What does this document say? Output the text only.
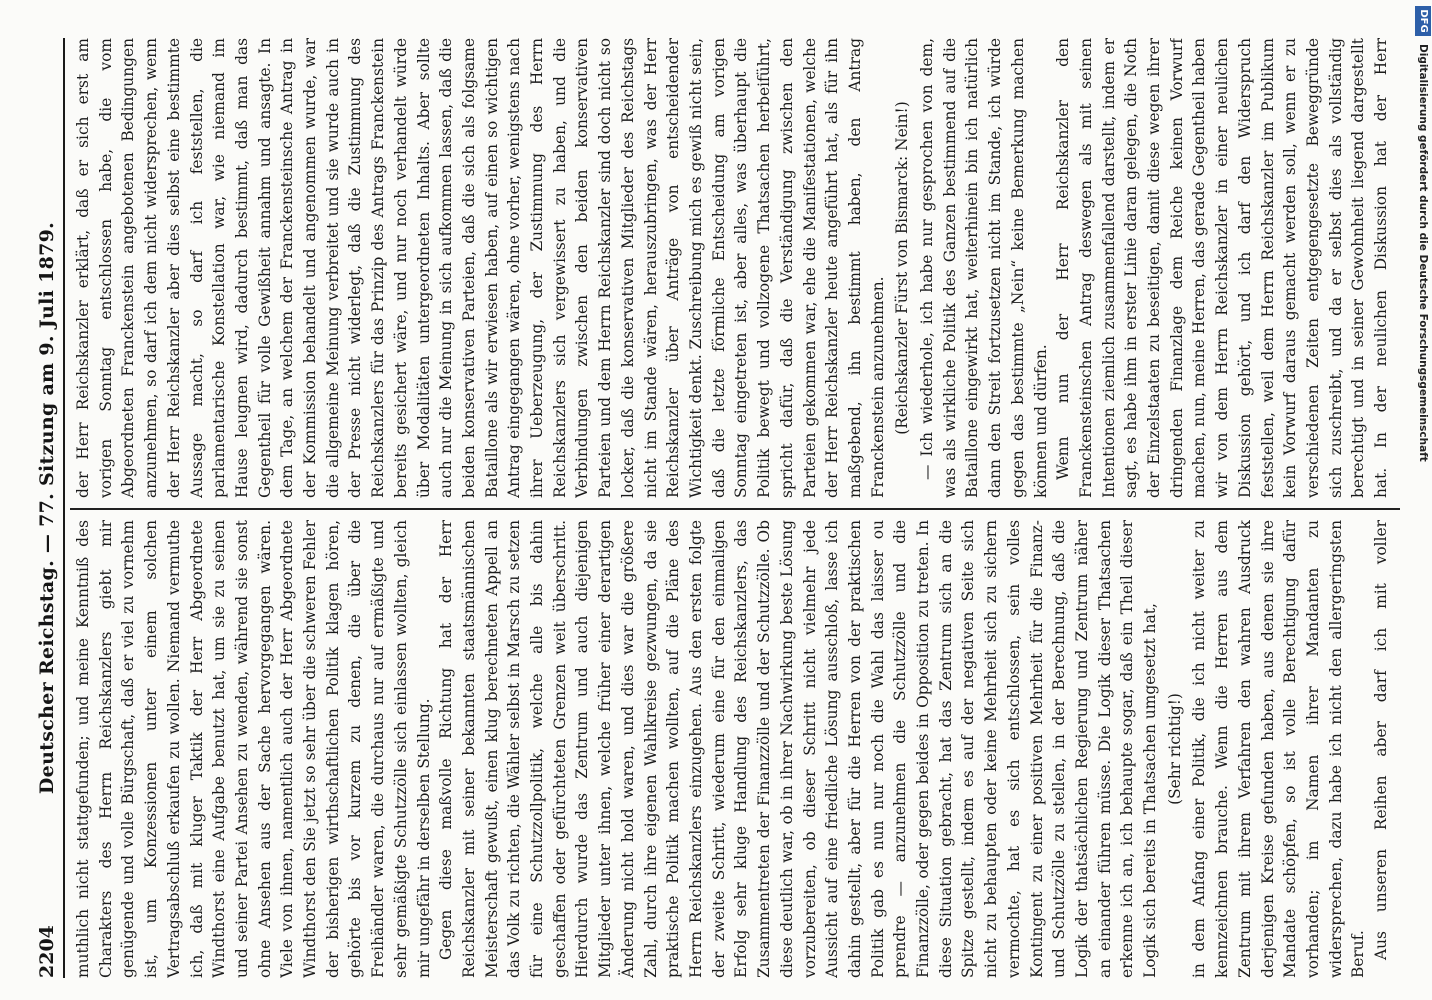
2204
Deutscher Reichstag. — 77. Sitzung am 9. Juli 1879. muthlich nicht stattgefunden; und meine Kenntniß des Charakters des Herrn Reichskanzlers giebt mir genügende und volle Bürgschaft, daß er viel zu vornehm ist, um Konzessionen unter einem solchen Vertragsabschluß erkaufen zu wollen. Niemand vermuthe ich, daß mit kluger Taktik der Herr Abgeordnete Windthorst eine Aufgabe benutzt hat, um sie zu seinen und seiner Partei Ansehen zu wenden, während sie sonst ohne Ansehen aus der Sache hervorgegangen wären. Viele von ihnen, namentlich auch der Herr Abgeordnete Windthorst den Sie jetzt so sehr über die schweren Fehler der bisherigen wirthschaftlichen Politik klagen hören, gehörte bis vor kurzem zu denen, die über die Freihändler waren, die durchaus nur auf ermäßigte und sehr gemäßigte Schutzzölle sich einlassen wollten, gleich mir ungefähr in derselben Stellung. Gegen diese maßvolle Richtung hat der Herr Reichskanzler mit seiner bekannten staatsmännischen Meisterschaft gewußt, einen klug berechneten Appell an das Volk zu richten, die Wähler selbst in Marsch zu setzen für eine Schutzzollpolitik, welche alle bis dahin geschaffen oder gefürchteten Grenzen weit überschritt. Hierdurch wurde das Zentrum und auch diejenigen Mitglieder unter ihnen, welche früher einer derartigen Änderung nicht hold waren, und dies war die größere Zahl, durch ihre eigenen Wahlkreise gezwungen, da sie praktische Politik machen wollten, auf die Pläne des Herrn Reichskanzlers einzugehen. Aus den ersten folgte der zweite Schritt, wiederum eine für den einmaligen Erfolg sehr kluge Handlung des Reichskanzlers, das Zusammentreten der Finanzzölle und der Schutzzölle. Ob diese deutlich war, ob in ihrer Nachwirkung beste Lösung vorzubereiten, ob dieser Schritt nicht vielmehr jede Aussicht auf eine friedliche Lösung ausschloß, lasse ich dahin gestellt, aber für die Herren von der praktischen Politik gab es nun nur noch die Wahl das laisser ou prendre — anzunehmen die Schutzzölle und die Finanzzölle, oder gegen beides in Opposition zu treten. In diese Situation gebracht, hat das Zentrum sich an die Spitze gestellt, indem es auf der negativen Seite sich nicht zu behaupten oder keine Mehrheit sich zu sichern vermochte, hat es sich entschlossen, sein volles Kontingent zu einer positiven Mehrheit für die Finanz- und Schutzzölle zu stellen, in der Berechnung, daß die Logik der thatsächlichen Regierung und Zentrum näher an einander führen müsse. Die Logik dieser Thatsachen erkenne ich an, ich behaupte sogar, daß ein Theil dieser Logik sich bereits in Thatsachen umgesetzt hat, (Sehr richtig!) in dem Anfang einer Politik, die ich nicht weiter zu kennzeichnen brauche. Wenn die Herren aus dem Zentrum mit ihrem Verfahren den wahren Ausdruck derjenigen Kreise gefunden haben, aus denen sie ihre Mandate schöpfen, so ist volle Berechtigung dafür vorhanden; im Namen ihrer Mandanten zu widersprechen, dazu habe ich nicht den allergeringsten Beruf. Aus unseren Reihen aber darf ich mit voller

der Herr Reichskanzler erklärt, daß er sich erst am vorigen Sonntag entschlossen habe, die vom Abgeordneten Franckenstein angebotenen Bedingungen anzunehmen, so darf ich dem nicht widersprechen, wenn der Herr Reichskanzler aber dies selbst eine bestimmte Aussage macht, so darf ich feststellen, die parlamentarische Konstellation war, wie niemand im Hause leugnen wird, dadurch bestimmt, daß man das Gegentheil für volle Gewißheit annahm und ansagte. In dem Tage, an welchem der Franckensteinsche Antrag in der Kommission behandelt und angenommen wurde, war die allgemeine Meinung verbreitet und sie wurde auch in der Presse nicht widerlegt, daß die Zustimmung des Reichskanzlers für das Prinzip des Antrags Franckenstein bereits gesichert wäre, und nur noch verhandelt würde über Modalitäten untergeordneten Inhalts. Aber sollte auch nur die Meinung in sich aufkommen lassen, daß die beiden konservativen Parteien, daß die sich als folgsame Bataillone als wir erwiesen haben, auf einen so wichtigen Antrag eingegangen wären, ohne vorher, wenigstens nach ihrer Ueberzeugung, der Zustimmung des Herrn Reichskanzlers sich vergewissert zu haben, und die Verbindungen zwischen den beiden konservativen Parteien und dem Herrn Reichskanzler sind doch nicht so locker, daß die konservativen Mitglieder des Reichstags nicht im Stande wären, herauszubringen, was der Herr Reichskanzler über Anträge von entscheidender Wichtigkeit denkt. Zuschreibung mich es gewiß nicht sein, daß die letzte förmliche Entscheidung am vorigen Sonntag eingetreten ist, aber alles, was überhaupt die Politik bewegt und vollzogene Thatsachen herbeiführt, spricht dafür, daß die Verständigung zwischen den Parteien gekommen war, ehe die Manifestationen, welche der Herr Reichskanzler heute angeführt hat, als für ihn maßgebend, ihn bestimmt haben, den Antrag Franckenstein anzunehmen. (Reichskanzler Fürst von Bismarck: Nein!) — Ich wiederhole, ich habe nur gesprochen von dem, was als wirkliche Politik des Ganzen bestimmend auf die Bataillone eingewirkt hat, weiterhinein bin ich natürlich dann den Streit fortzusetzen nicht im Stande, ich würde gegen das bestimmte „Nein“ keine Bemerkung machen können und dürfen. Wenn nun der Herr Reichskanzler den Franckensteinschen Antrag deswegen als mit seinen Intentionen ziemlich zusammenfallend darstellt, indem er sagt, es habe ihm in erster Linie daran gelegen, die Noth der Einzelstaaten zu beseitigen, damit diese wegen ihrer dringenden Finanzlage dem Reiche keinen Vorwurf machen, nun, meine Herren, das gerade Gegentheil haben wir von dem Herrn Reichskanzler in einer neulichen Diskussion gehört, und ich darf den Widerspruch feststellen, weil dem Herrn Reichskanzler im Publikum kein Vorwurf daraus gemacht werden soll, wenn er zu verschiedenen Zeiten entgegengesetzte Beweggründe sich zuschreibt, und da er selbst dies als vollständig berechtigt und in seiner Gewohnheit liegend dargestellt hat. In der neulichen Diskussion hat der Herr

DFG
Digitalisierung gefördert durch die Deutsche Forschungsgemeinschaft
